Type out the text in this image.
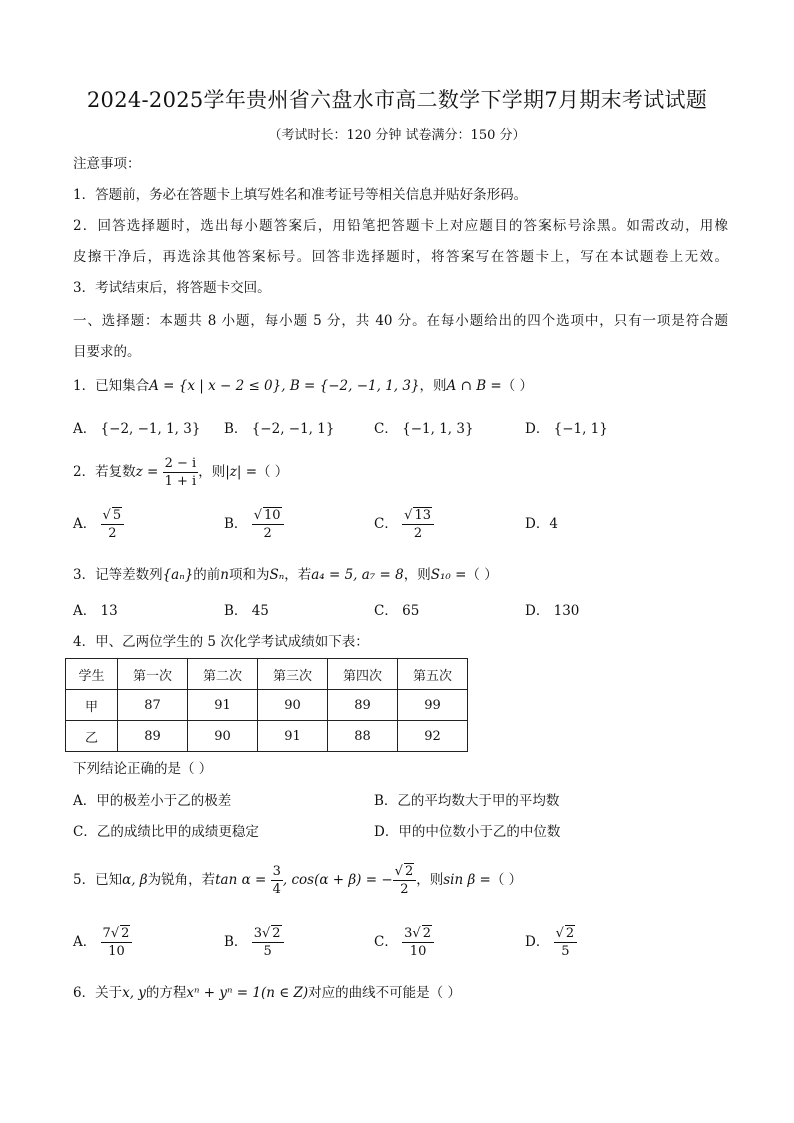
2024-2025学年贵州省六盘水市高二数学下学期7月期末考试试题
（考试时长：120 分钟 试卷满分：150 分）
注意事项：
1．答题前，务必在答题卡上填写姓名和准考证号等相关信息并贴好条形码。
2．回答选择题时，选出每小题答案后，用铅笔把答题卡上对应题目的答案标号涂黑。如需改动，用橡
皮擦干净后，再选涂其他答案标号。回答非选择题时，将答案写在答题卡上，写在本试题卷上无效。
3．考试结束后，将答题卡交回。
一、选择题：本题共 8 小题，每小题 5 分，共 40 分。在每小题给出的四个选项中，只有一项是符合题
目要求的。
1．已知集合A = {x | x − 2 ≤ 0}, B = {−2, −1, 1, 3}，则A ∩ B =（ ）
A． {−2, −1, 1, 3} B． {−2, −1, 1}	C． {−1, 1, 3}	D． {−1, 1}
2．若复数$z = \frac{2 - i}{1 + i}$ ，则|z| =（ ）
A． $\frac{√ 5}{2}$	B． $\frac{√ 10}{2}$	C． $\frac{√ 13}{2}$	D．4
3．记等差数列{aₙ}的前n项和为Sₙ，若a₄ = 5, a₇ = 8，则S₁₀ =（ ）
A． 13	B． 45	C． 65	D． 130
4．甲、乙两位学生的 5 次化学考试成绩如下表：
学生	第一次	第二次	第三次	第四次	第五次
甲	87	91	90	89	99
乙	89	90	91	88	92
下列结论正确的是（ ）
A．甲的极差小于乙的极差	B．乙的平均数大于甲的平均数
C．乙的成绩比甲的成绩更稳定	D．甲的中位数小于乙的中位数
5．已知α, β为锐角，若$\tan \alpha = \frac{3}{4}$ , cos(α + β) = − $\frac{√ 2}{2}$ ，则sin β =（ ）
A． $\frac{7√ 2}{10}$	B． $\frac{3√ 2}{5}$	C． $\frac{3√ 2}{10}$	D． $\frac{√ 2}{5}$
6．关于x, y的方程xⁿ + yⁿ = 1(n ∈ Z)对应的曲线不可能是（ ）
